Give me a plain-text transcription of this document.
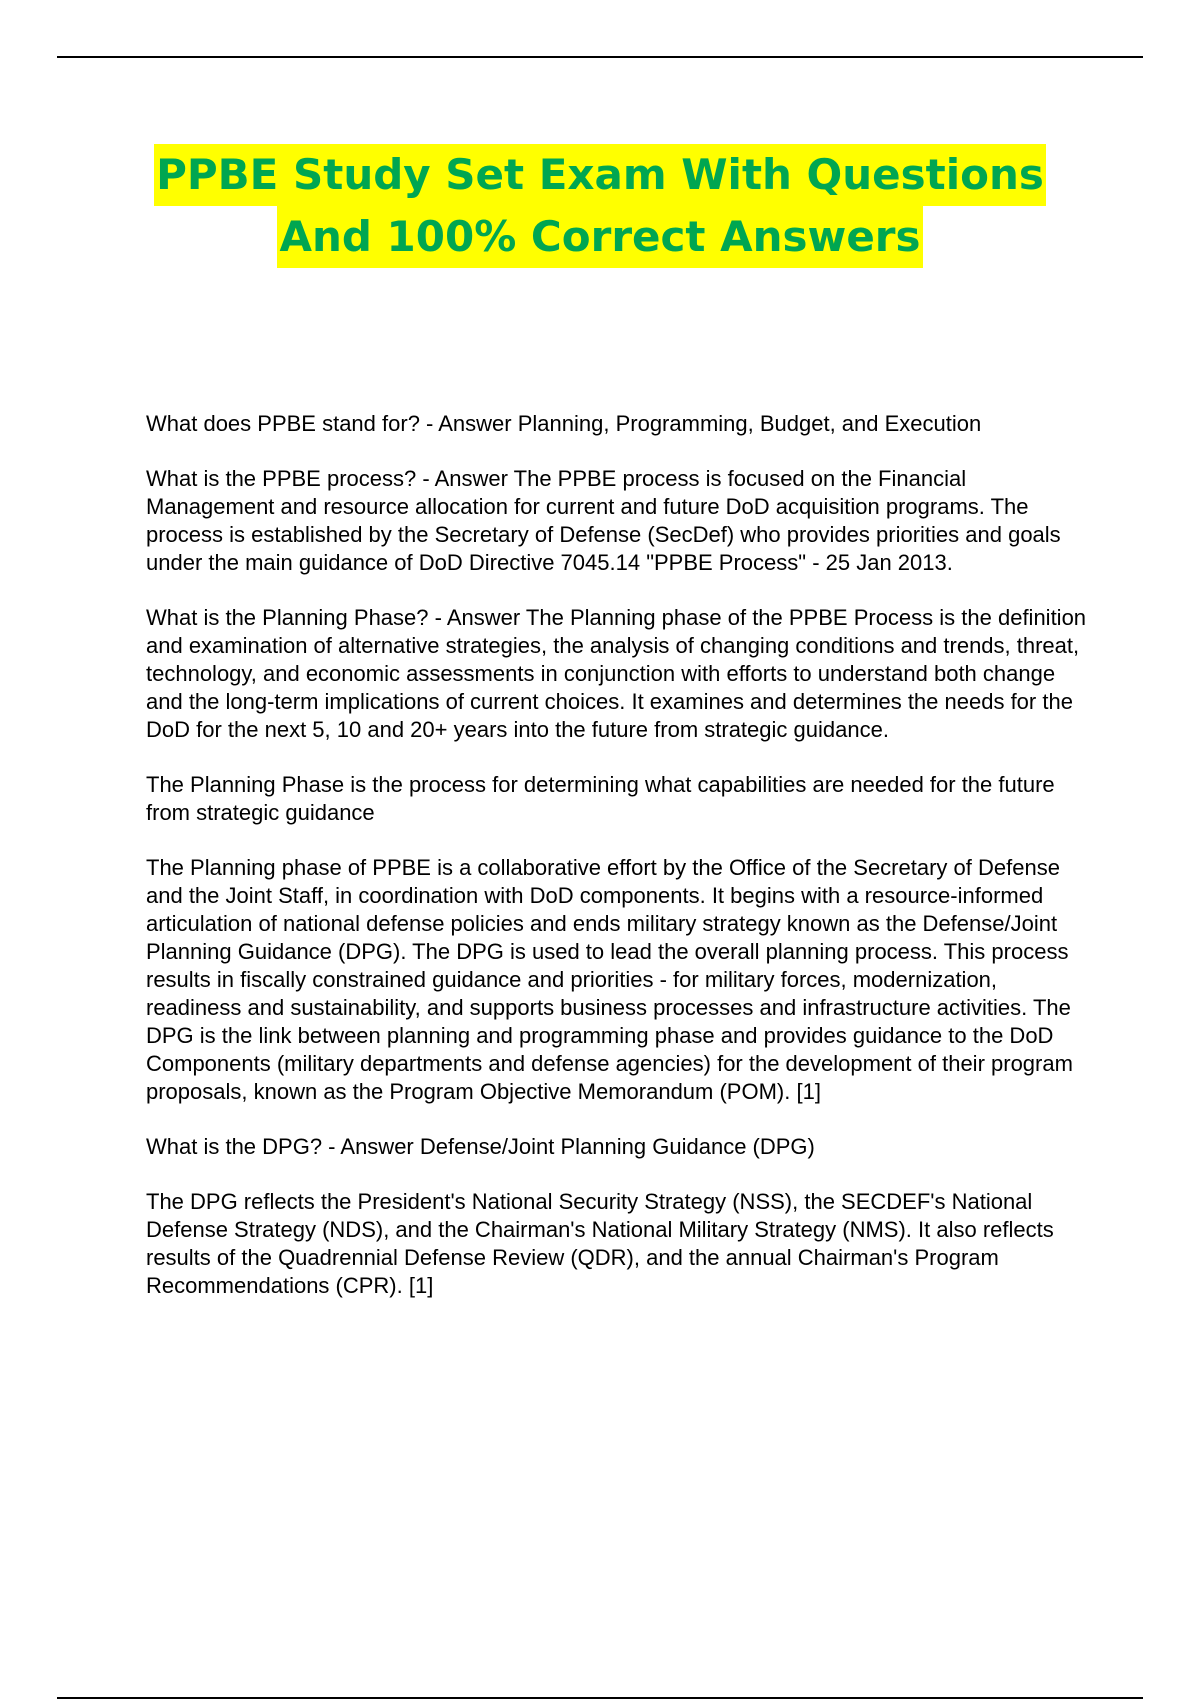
PPBE Study Set Exam With Questions
And 100% Correct Answers

What does PPBE stand for? - Answer Planning, Programming, Budget, and Execution

What is the PPBE process? - Answer The PPBE process is focused on the Financial Management and resource allocation for current and future DoD acquisition programs. The process is established by the Secretary of Defense (SecDef) who provides priorities and goals under the main guidance of DoD Directive 7045.14 "PPBE Process" - 25 Jan 2013.

What is the Planning Phase? - Answer The Planning phase of the PPBE Process is the definition and examination of alternative strategies, the analysis of changing conditions and trends, threat, technology, and economic assessments in conjunction with efforts to understand both change and the long-term implications of current choices. It examines and determines the needs for the DoD for the next 5, 10 and 20+ years into the future from strategic guidance.

The Planning Phase is the process for determining what capabilities are needed for the future from strategic guidance

The Planning phase of PPBE is a collaborative effort by the Office of the Secretary of Defense and the Joint Staff, in coordination with DoD components. It begins with a resource-informed articulation of national defense policies and ends military strategy known as the Defense/Joint Planning Guidance (DPG). The DPG is used to lead the overall planning process. This process results in fiscally constrained guidance and priorities - for military forces, modernization, readiness and sustainability, and supports business processes and infrastructure activities. The DPG is the link between planning and programming phase and provides guidance to the DoD Components (military departments and defense agencies) for the development of their program proposals, known as the Program Objective Memorandum (POM). [1]

What is the DPG? - Answer Defense/Joint Planning Guidance (DPG)

The DPG reflects the President's National Security Strategy (NSS), the SECDEF's National Defense Strategy (NDS), and the Chairman's National Military Strategy (NMS). It also reflects results of the Quadrennial Defense Review (QDR), and the annual Chairman's Program Recommendations (CPR). [1]
